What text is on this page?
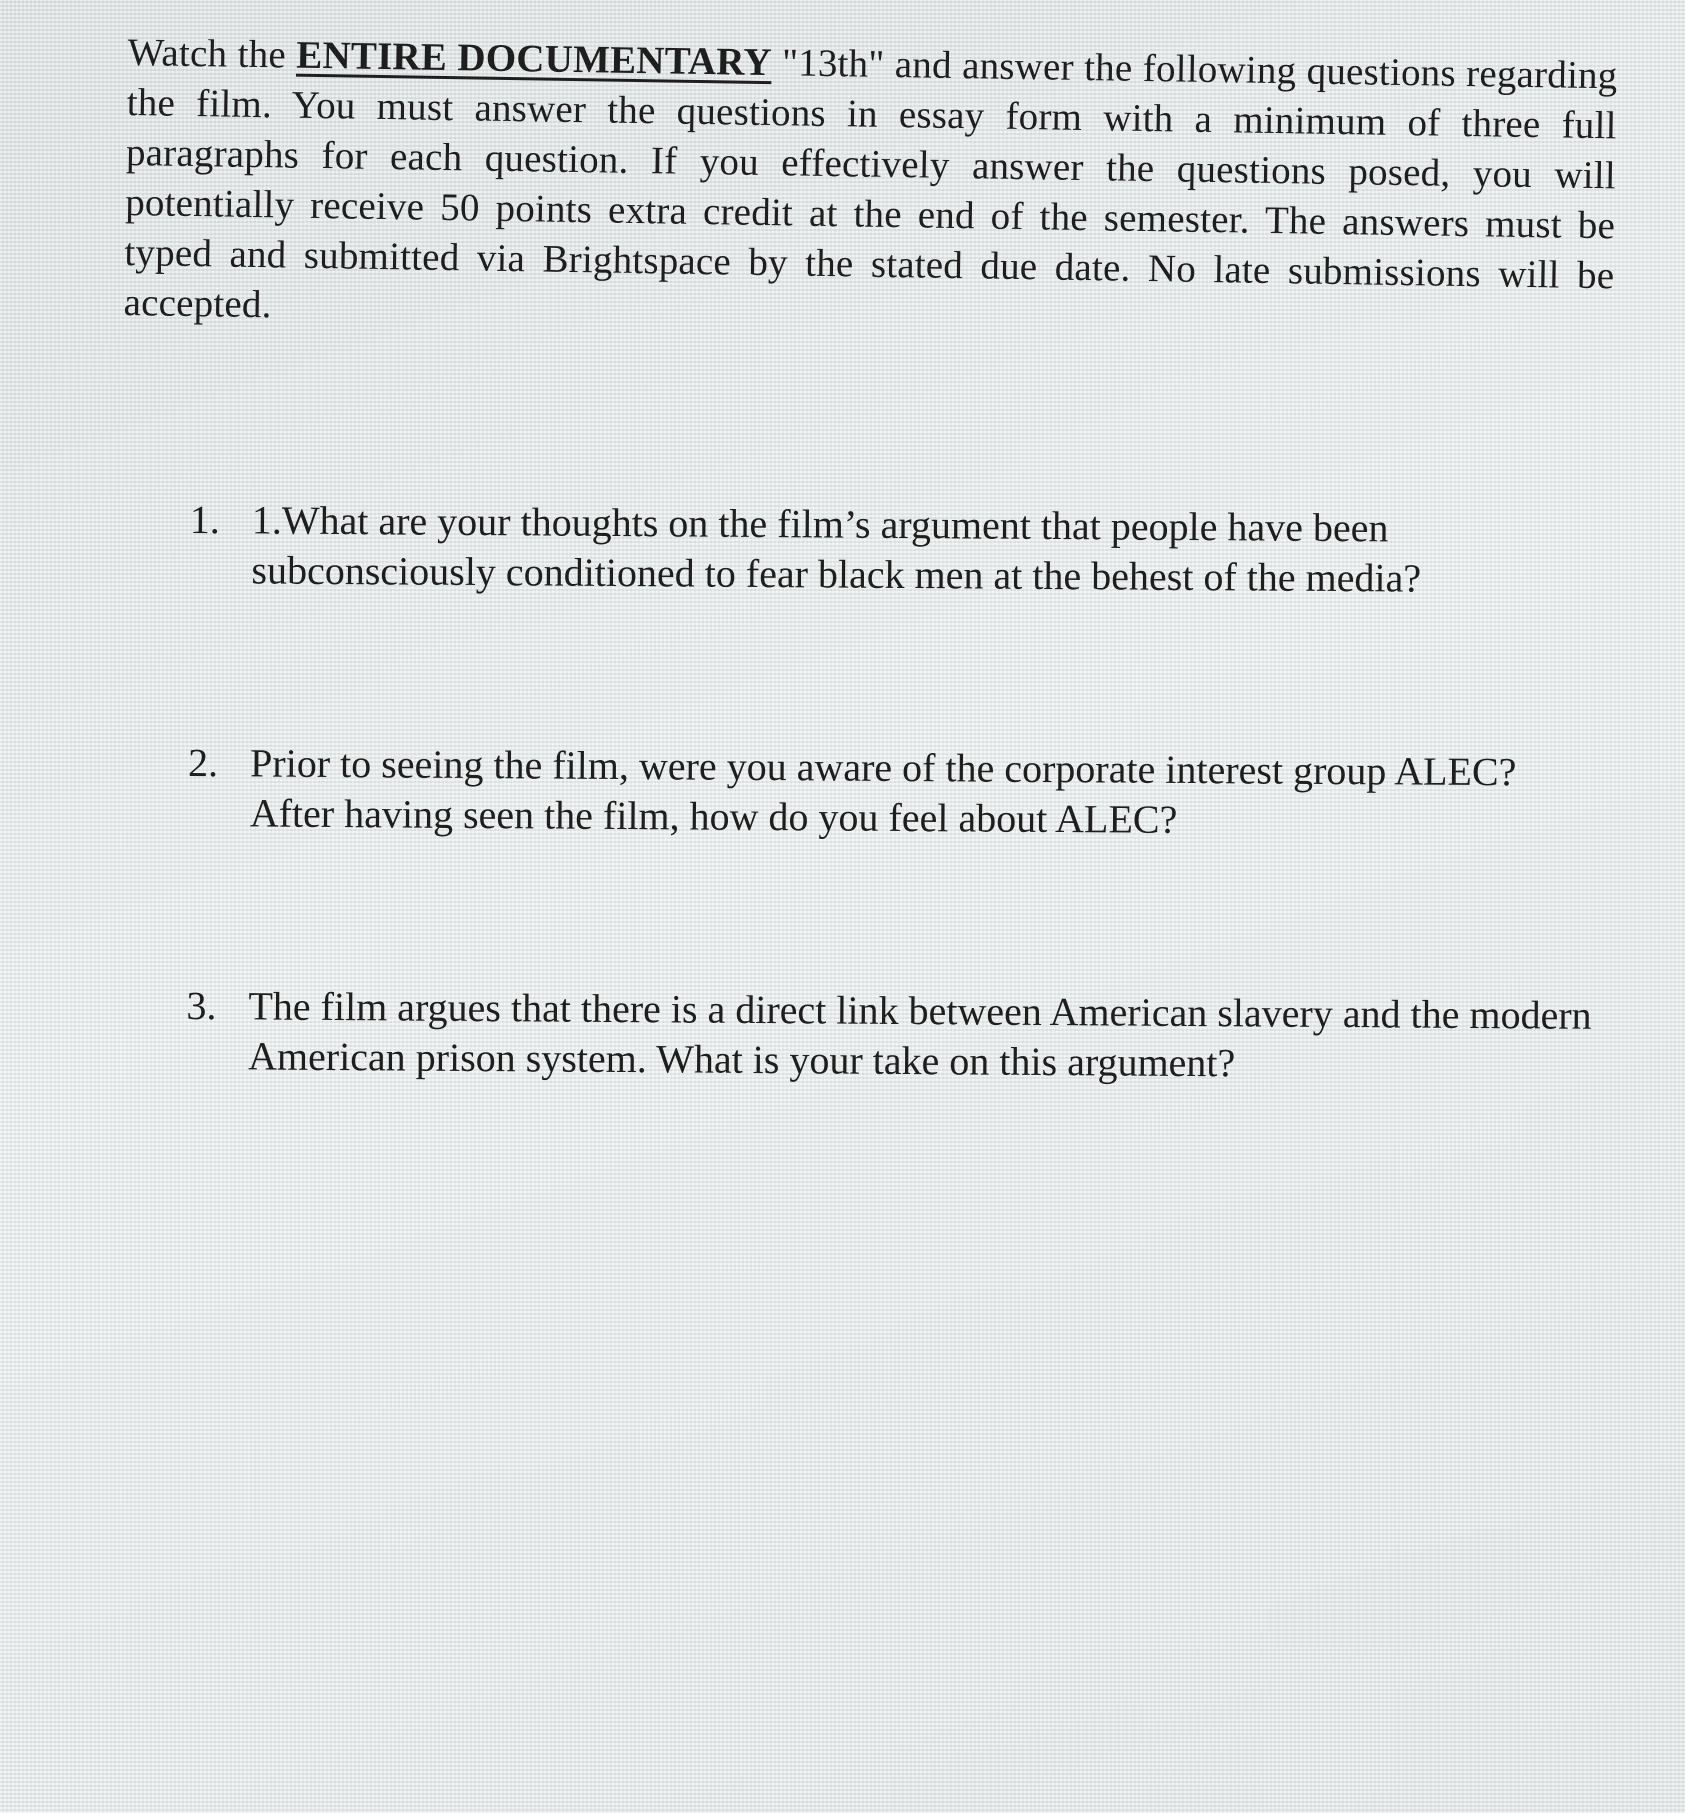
Watch the ENTIRE DOCUMENTARY "13th" and answer the following questions regarding the film. You must answer the questions in essay form with a minimum of three full paragraphs for each question. If you effectively answer the questions posed, you will potentially receive 50 points extra credit at the end of the semester. The answers must be typed and submitted via Brightspace by the stated due date. No late submissions will be accepted.

1. 1.What are your thoughts on the film’s argument that people have been subconsciously conditioned to fear black men at the behest of the media?
2. Prior to seeing the film, were you aware of the corporate interest group ALEC? After having seen the film, how do you feel about ALEC?
3. The film argues that there is a direct link between American slavery and the modern American prison system. What is your take on this argument?
